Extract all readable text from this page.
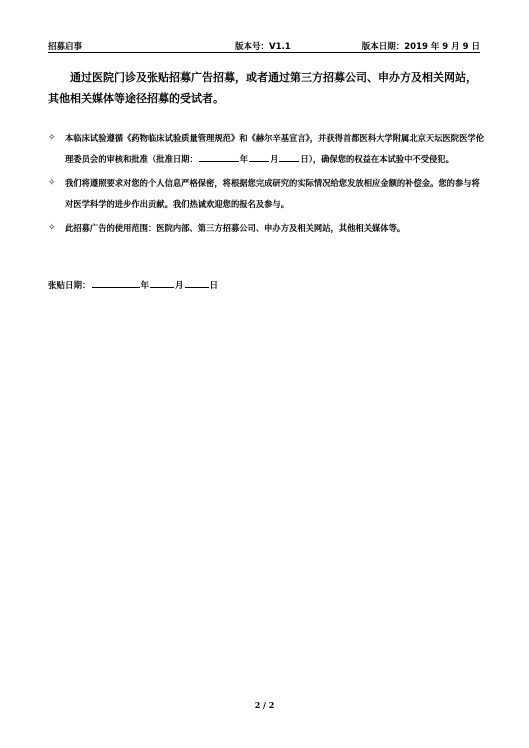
招募启事	版本号：V1.1	版本日期：2019 年 9 月 9 日
通过医院门诊及张贴招募广告招募，或者通过第三方招募公司、申办方及相关网站，其他相关媒体等途径招募的受试者。
✧ 本临床试验遵循《药物临床试验质量管理规范》和《赫尔辛基宣言》，并获得首都医科大学附属北京天坛医院医学伦理委员会的审核和批准（批准日期：	年	月	日），确保您的权益在本试验中不受侵犯。
✧ 我们将遵照要求对您的个人信息严格保密，将根据您完成研究的实际情况给您发放相应金额的补偿金。您的参与将对医学科学的进步作出贡献。我们热诚欢迎您的报名及参与。
✧ 此招募广告的使用范围：医院内部、第三方招募公司、申办方及相关网站，其他相关媒体等。
张贴日期：	年	月	日
2 / 2
